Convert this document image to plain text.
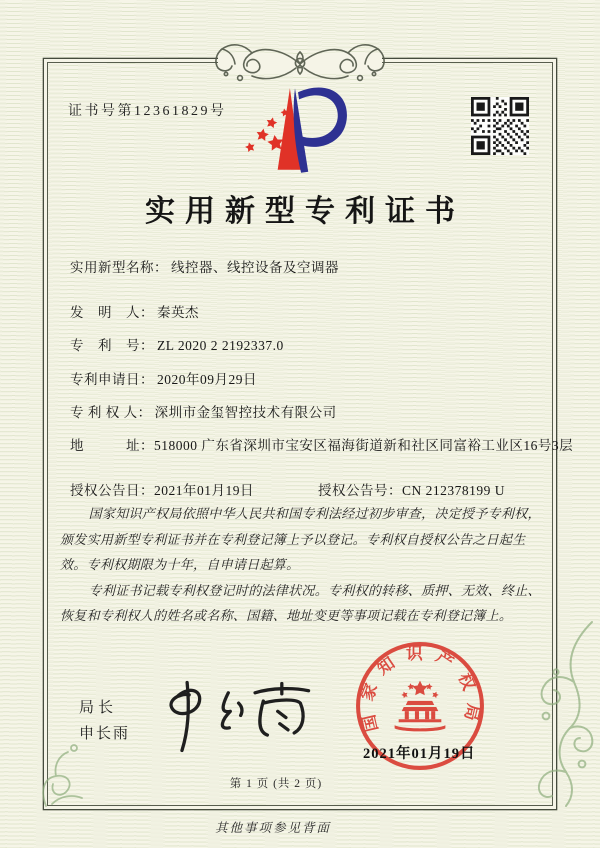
证书号第12361829号
实用新型专利证书
实用新型名称： 线控器、线控设备及空调器
发　明　人： 秦英杰
专　利　号： ZL 2020 2 2192337.0
专利申请日： 2020年09月29日
专 利 权 人： 深圳市金玺智控技术有限公司
地　　　址：518000 广东省深圳市宝安区福海街道新和社区同富裕工业区16号3层
授权公告日：2021年01月19日	授权公告号：CN 212378199 U

国家知识产权局依照中华人民共和国专利法经过初步审查，决定授予专利权，颁发实用新型专利证书并在专利登记簿上予以登记。专利权自授权公告之日起生效。专利权期限为十年，自申请日起算。

专利证书记载专利权登记时的法律状况。专利权的转移、质押、无效、终止、恢复和专利权人的姓名或名称、国籍、地址变更等事项记载在专利登记簿上。

局长
申长雨
国家知识产权局
2021年01月19日
第 1 页 (共 2 页)
其他事项参见背面
